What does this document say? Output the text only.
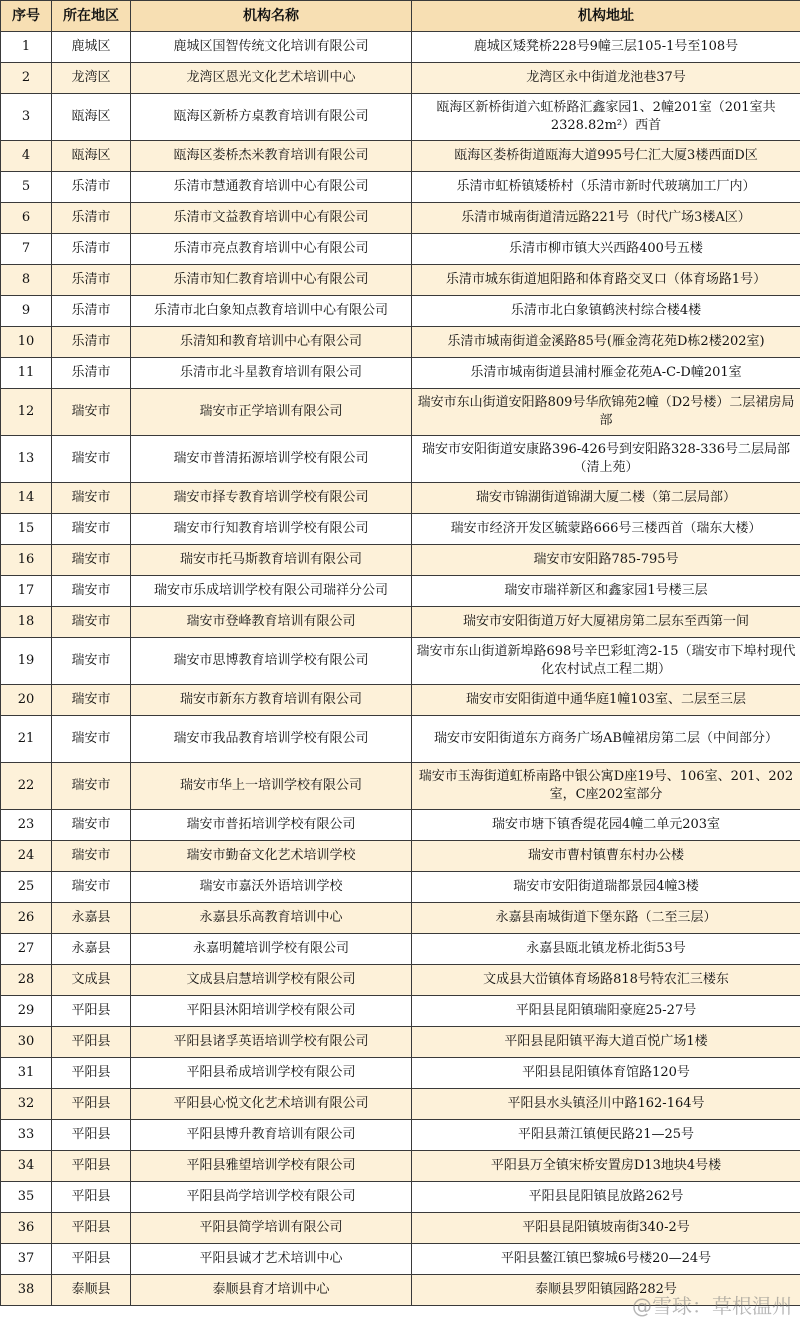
序号	所在地区	机构名称	机构地址
1	鹿城区	鹿城区国智传统文化培训有限公司	鹿城区矮凳桥228号9幢三层105-1号至108号
2	龙湾区	龙湾区恩光文化艺术培训中心	龙湾区永中街道龙池巷37号
3	瓯海区	瓯海区新桥方桌教育培训有限公司	瓯海区新桥街道六虹桥路汇鑫家园1、2幢201室（201室共2328.82m²）西首
4	瓯海区	瓯海区娄桥杰米教育培训有限公司	瓯海区娄桥街道瓯海大道995号仁汇大厦3楼西面D区
5	乐清市	乐清市慧通教育培训中心有限公司	乐清市虹桥镇矮桥村（乐清市新时代玻璃加工厂内）
6	乐清市	乐清市文益教育培训中心有限公司	乐清市城南街道清远路221号（时代广场3楼A区）
7	乐清市	乐清市亮点教育培训中心有限公司	乐清市柳市镇大兴西路400号五楼
8	乐清市	乐清市知仁教育培训中心有限公司	乐清市城东街道旭阳路和体育路交叉口（体育场路1号）
9	乐清市	乐清市北白象知点教育培训中心有限公司	乐清市北白象镇鹤浃村综合楼4楼
10	乐清市	乐清知和教育培训中心有限公司	乐清市城南街道金溪路85号(雁金湾花苑D栋2楼202室)
11	乐清市	乐清市北斗星教育培训有限公司	乐清市城南街道县浦村雁金花苑A-C-D幢201室
12	瑞安市	瑞安市正学培训有限公司	瑞安市东山街道安阳路809号华欣锦苑2幢（D2号楼）二层裙房局部
13	瑞安市	瑞安市普清拓源培训学校有限公司	瑞安市安阳街道安康路396-426号到安阳路328-336号二层局部（清上苑）
14	瑞安市	瑞安市择专教育培训学校有限公司	瑞安市锦湖街道锦湖大厦二楼（第二层局部）
15	瑞安市	瑞安市行知教育培训学校有限公司	瑞安市经济开发区毓蒙路666号三楼西首（瑞东大楼）
16	瑞安市	瑞安市托马斯教育培训有限公司	瑞安市安阳路785-795号
17	瑞安市	瑞安市乐成培训学校有限公司瑞祥分公司	瑞安市瑞祥新区和鑫家园1号楼三层
18	瑞安市	瑞安市登峰教育培训有限公司	瑞安市安阳街道万好大厦裙房第二层东至西第一间
19	瑞安市	瑞安市思博教育培训学校有限公司	瑞安市东山街道新埠路698号辛巴彩虹湾2-15（瑞安市下埠村现代化农村试点工程二期）
20	瑞安市	瑞安市新东方教育培训有限公司	瑞安市安阳街道中通华庭1幢103室、二层至三层
21	瑞安市	瑞安市我品教育培训学校有限公司	瑞安市安阳街道东方商务广场AB幢裙房第二层（中间部分）
22	瑞安市	瑞安市华上一培训学校有限公司	瑞安市玉海街道虹桥南路中银公寓D座19号、106室、201、202室，C座202室部分
23	瑞安市	瑞安市普拓培训学校有限公司	瑞安市塘下镇香缇花园4幢二单元203室
24	瑞安市	瑞安市勤奋文化艺术培训学校	瑞安市曹村镇曹东村办公楼
25	瑞安市	瑞安市嘉沃外语培训学校	瑞安市安阳街道瑞都景园4幢3楼
26	永嘉县	永嘉县乐高教育培训中心	永嘉县南城街道下堡东路（二至三层）
27	永嘉县	永嘉明麓培训学校有限公司	永嘉县瓯北镇龙桥北街53号
28	文成县	文成县启慧培训学校有限公司	文成县大峃镇体育场路818号特农汇三楼东
29	平阳县	平阳县沐阳培训学校有限公司	平阳县昆阳镇瑞阳豪庭25-27号
30	平阳县	平阳县诸孚英语培训学校有限公司	平阳县昆阳镇平海大道百悦广场1楼
31	平阳县	平阳县希成培训学校有限公司	平阳县昆阳镇体育馆路120号
32	平阳县	平阳县心悦文化艺术培训有限公司	平阳县水头镇泾川中路162-164号
33	平阳县	平阳县博升教育培训有限公司	平阳县萧江镇便民路21—25号
34	平阳县	平阳县雅望培训学校有限公司	平阳县万全镇宋桥安置房D13地块4号楼
35	平阳县	平阳县尚学培训学校有限公司	平阳县昆阳镇昆放路262号
36	平阳县	平阳县简学培训有限公司	平阳县昆阳镇坡南街340-2号
37	平阳县	平阳县诚才艺术培训中心	平阳县鳌江镇巴黎城6号楼20—24号
38	泰顺县	泰顺县育才培训中心	泰顺县罗阳镇园路282号
@雪球：草根温州
